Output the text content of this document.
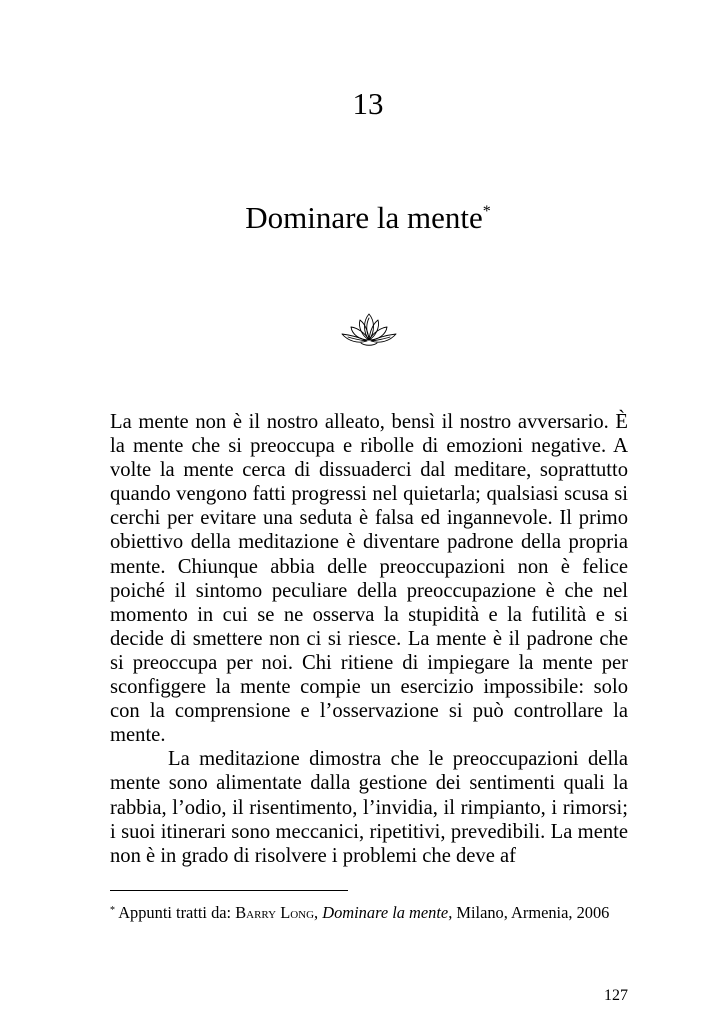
13
Dominare la mente*

La mente non è il nostro alleato, bensì il nostro avversario. È la mente che si preoccupa e ribolle di emozioni negative. A volte la mente cerca di dissuaderci dal meditare, soprattutto quando vengono fatti progressi nel quietarla; qualsiasi scusa si cerchi per evitare una seduta è falsa ed ingannevole. Il primo obiettivo della meditazione è diventare padrone della propria mente. Chiunque abbia delle preoccupazioni non è felice poiché il sintomo peculiare della preoccupazione è che nel momento in cui se ne osserva la stupidità e la futilità e si decide di smettere non ci si riesce. La mente è il padrone che si preoccupa per noi. Chi ritiene di impiegare la mente per sconfiggere la mente compie un esercizio impossibile: solo con la comprensione e l’osservazione si può controllare la mente.

La meditazione dimostra che le preoccupazioni della mente sono alimentate dalla gestione dei sentimenti quali la rabbia, l’odio, il risentimento, l’invidia, il rimpianto, i rimorsi; i suoi itinerari sono meccanici, ripetitivi, prevedibili. La mente non è in grado di risolvere i problemi che deve af

* Appunti tratti da: Barry Long, Dominare la mente, Milano, Armenia, 2006
127
